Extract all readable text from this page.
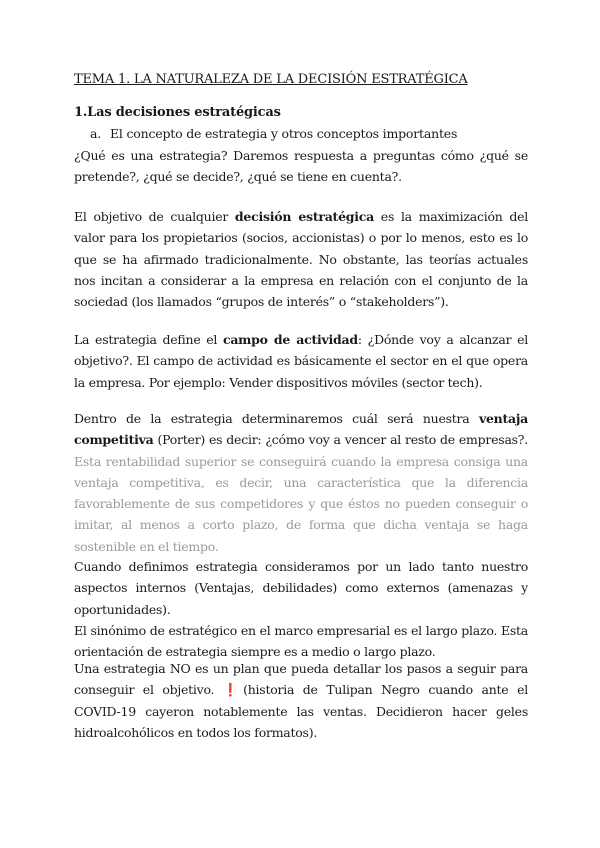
TEMA 1. LA NATURALEZA DE LA DECISIÓN ESTRATÉGICA
1.Las decisiones estratégicas
a. El concepto de estrategia y otros conceptos importantes

¿Qué es una estrategia? Daremos respuesta a preguntas cómo ¿qué se pretende?, ¿qué se decide?, ¿qué se tiene en cuenta?.

El objetivo de cualquier decisión estratégica es la maximización del valor para los propietarios (socios, accionistas) o por lo menos, esto es lo que se ha afirmado tradicionalmente. No obstante, las teorías actuales nos incitan a considerar a la empresa en relación con el conjunto de la sociedad (los llamados “grupos de interés” o “stakeholders”).

La estrategia define el campo de actividad: ¿Dónde voy a alcanzar el objetivo?. El campo de actividad es básicamente el sector en el que opera la empresa. Por ejemplo: Vender dispositivos móviles (sector tech).

Dentro de la estrategia determinaremos cuál será nuestra ventaja competitiva (Porter) es decir: ¿cómo voy a vencer al resto de empresas?. Esta rentabilidad superior se conseguirá cuando la empresa consiga una ventaja competitiva, es decir, una característica que la diferencia favorablemente de sus competidores y que éstos no pueden conseguir o imitar, al menos a corto plazo, de forma que dicha ventaja se haga sostenible en el tiempo.

Cuando definimos estrategia consideramos por un lado tanto nuestro aspectos internos (Ventajas, debilidades) como externos (amenazas y oportunidades).
El sinónimo de estratégico en el marco empresarial es el largo plazo. Esta orientación de estrategia siempre es a medio o largo plazo.

Una estrategia NO es un plan que pueda detallar los pasos a seguir para conseguir el objetivo. ❗(historia de Tulipan Negro cuando ante el COVID-19 cayeron notablemente las ventas. Decidieron hacer geles hidroalcohólicos en todos los formatos).
